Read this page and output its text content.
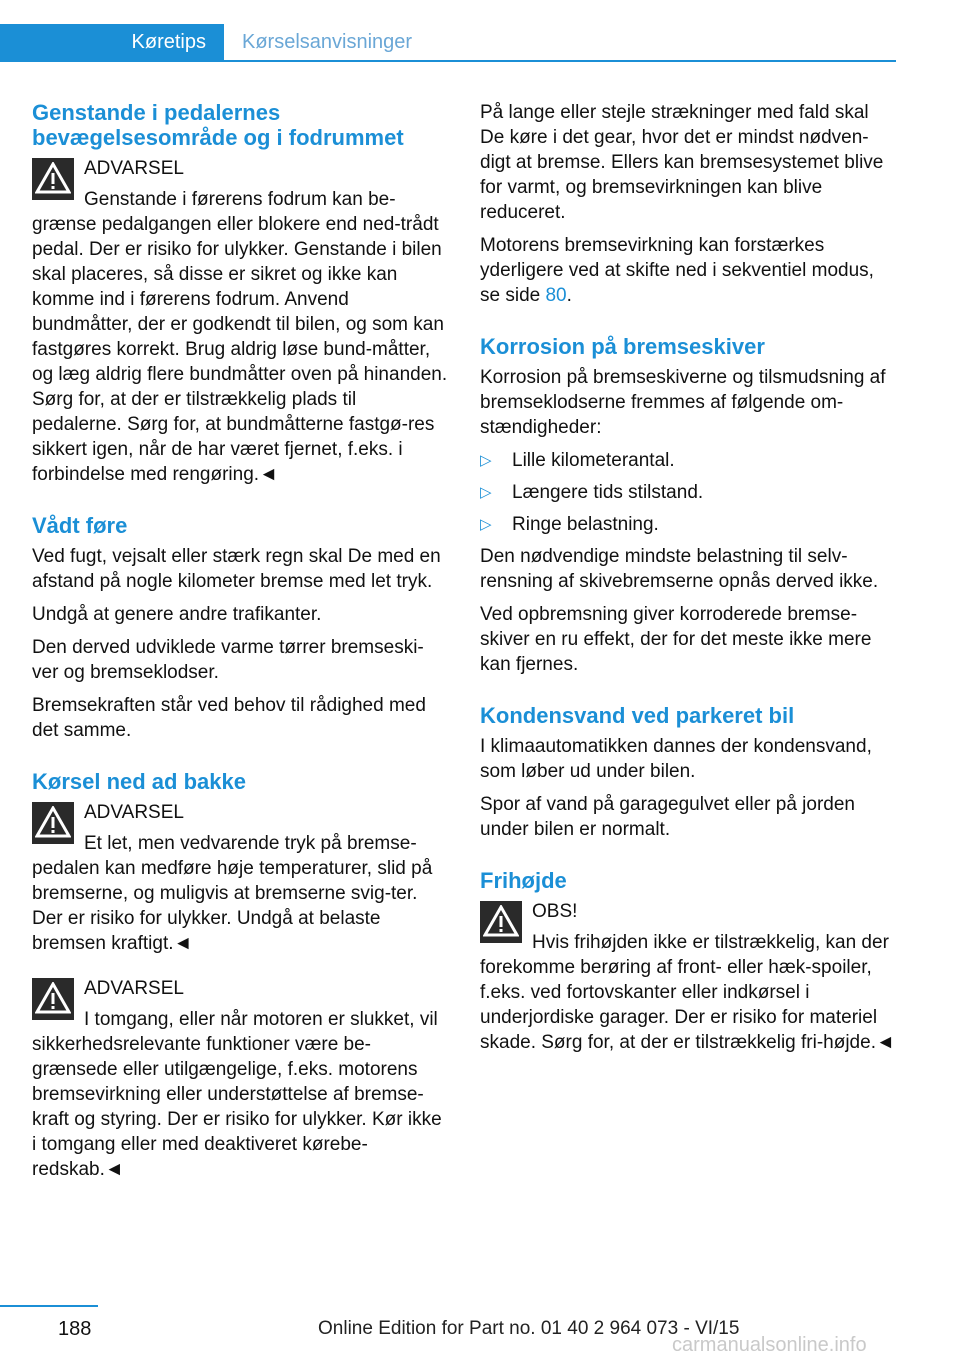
Køretips Kørselsanvisninger
Genstande i pedalernes bevægelsesområde og i fodrummet
ADVARSEL
Genstande i førerens fodrum kan be‐grænse pedalgangen eller blokere end ned‐trådt pedal. Der er risiko for ulykker. Genstande i bilen skal placeres, så disse er sikret og ikke kan komme ind i førerens fodrum. Anvend bundmåtter, der er godkendt til bilen, og som kan fastgøres korrekt. Brug aldrig løse bund‐måtter, og læg aldrig flere bundmåtter oven på hinanden. Sørg for, at der er tilstrækkelig plads til pedalerne. Sørg for, at bundmåtterne fastgø‐res sikkert igen, når de har været fjernet, f.eks. i forbindelse med rengøring.◄
Vådt føre

Ved fugt, vejsalt eller stærk regn skal De med en afstand på nogle kilometer bremse med let tryk.

Undgå at genere andre trafikanter.

Den derved udviklede varme tørrer bremseski‐ver og bremseklodser.

Bremsekraften står ved behov til rådighed med det samme.

Kørsel ned ad bakke
ADVARSEL
Et let, men vedvarende tryk på bremse‐pedalen kan medføre høje temperaturer, slid på bremserne, og muligvis at bremserne svig‐ter. Der er risiko for ulykker. Undgå at belaste bremsen kraftigt.◄
ADVARSEL
I tomgang, eller når motoren er slukket, vil sikkerhedsrelevante funktioner være be‐grænsede eller utilgængelige, f.eks. motorens bremsevirkning eller understøttelse af bremse‐kraft og styring. Der er risiko for ulykker. Kør ikke i tomgang eller med deaktiveret kørebe‐redskab.◄

På lange eller stejle strækninger med fald skal De køre i det gear, hvor det er mindst nødven‐digt at bremse. Ellers kan bremsesystemet blive for varmt, og bremsevirkningen kan blive reduceret.

Motorens bremsevirkning kan forstærkes yderligere ved at skifte ned i sekventiel modus, se side 80.

Korrosion på bremseskiver

Korrosion på bremseskiverne og tilsmudsning af bremseklodserne fremmes af følgende om‐stændigheder:

▷	Lille kilometerantal.
▷	Længere tids stilstand.
▷	Ringe belastning.

Den nødvendige mindste belastning til selv‐rensning af skivebremserne opnås derved ikke.

Ved opbremsning giver korroderede bremse‐skiver en ru effekt, der for det meste ikke mere kan fjernes.

Kondensvand ved parkeret bil

I klimaautomatikken dannes der kondensvand, som løber ud under bilen.

Spor af vand på garagegulvet eller på jorden under bilen er normalt.

Frihøjde
OBS!
Hvis frihøjden ikke er tilstrækkelig, kan der forekomme berøring af front- eller hæk‐spoiler, f.eks. ved fortovskanter eller indkørsel i underjordiske garager. Der er risiko for materiel skade. Sørg for, at der er tilstrækkelig fri‐højde.◄
188	Online Edition for Part no. 01 40 2 964 073 - VI/15
carmanualsonline.info
